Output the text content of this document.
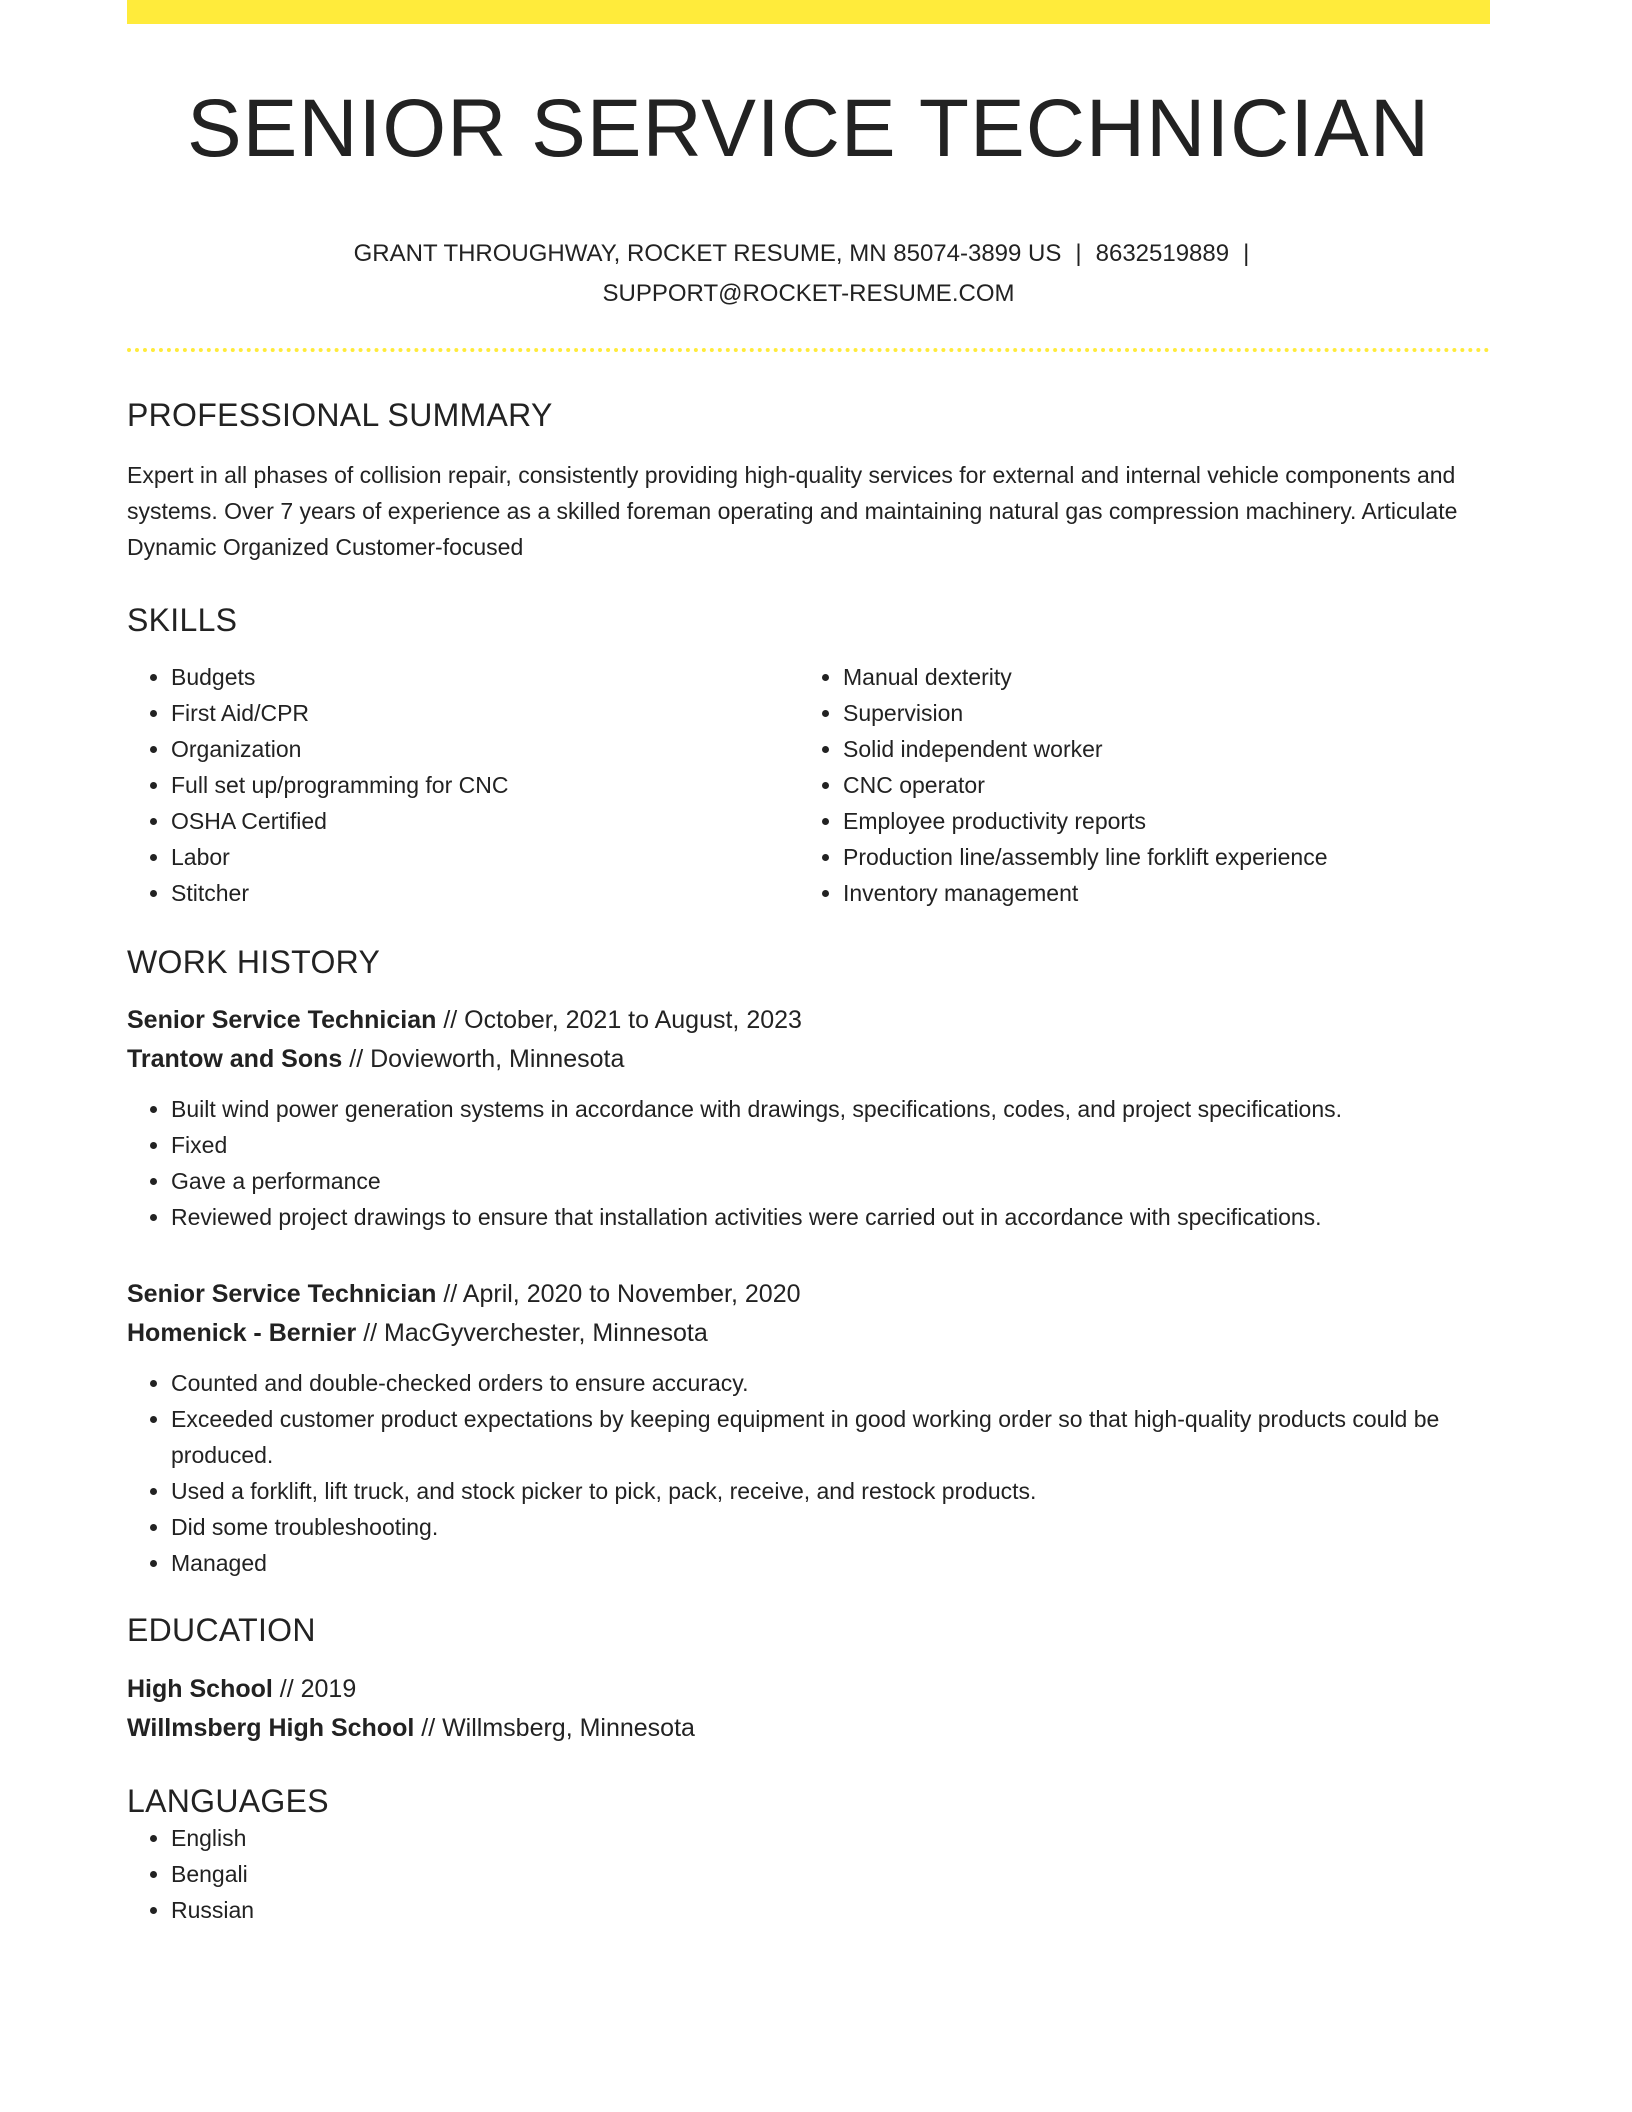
SENIOR SERVICE TECHNICIAN
GRANT THROUGHWAY, ROCKET RESUME, MN 85074-3899 US | 8632519889 |
SUPPORT@ROCKET-RESUME.COM
PROFESSIONAL SUMMARY

Expert in all phases of collision repair, consistently providing high-quality services for external and internal vehicle components and systems. Over 7 years of experience as a skilled foreman operating and maintaining natural gas compression machinery. Articulate Dynamic Organized Customer-focused

SKILLS
• Budgets
• First Aid/CPR
• Organization
• Full set up/programming for CNC
• OSHA Certified
• Labor
• Stitcher
• Manual dexterity
• Supervision
• Solid independent worker
• CNC operator
• Employee productivity reports
• Production line/assembly line forklift experience
• Inventory management
WORK HISTORY
Senior Service Technician // October, 2021 to August, 2023
Trantow and Sons // Dovieworth, Minnesota
• Built wind power generation systems in accordance with drawings, specifications, codes, and project specifications.
• Fixed
• Gave a performance
• Reviewed project drawings to ensure that installation activities were carried out in accordance with specifications.
Senior Service Technician // April, 2020 to November, 2020
Homenick - Bernier // MacGyverchester, Minnesota
• Counted and double-checked orders to ensure accuracy.
• Exceeded customer product expectations by keeping equipment in good working order so that high-quality products could be produced.
• Used a forklift, lift truck, and stock picker to pick, pack, receive, and restock products.
• Did some troubleshooting.
• Managed
EDUCATION
High School // 2019
Willmsberg High School // Willmsberg, Minnesota
LANGUAGES
• English
• Bengali
• Russian
